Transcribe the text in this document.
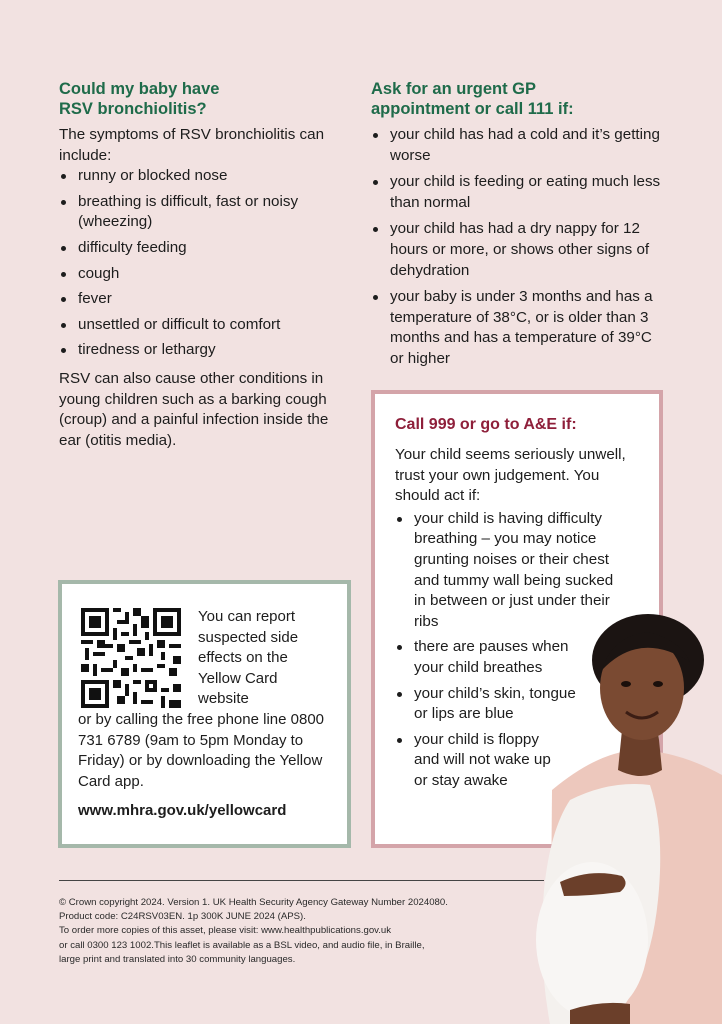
Could my baby have
RSV bronchiolitis?

The symptoms of RSV bronchiolitis can include:

runny or blocked nose
breathing is difficult, fast or noisy (wheezing)
difficulty feeding
cough
fever
unsettled or difficult to comfort
tiredness or lethargy

RSV can also cause other conditions in young children such as a barking cough (croup) and a painful infection inside the ear (otitis media).

Ask for an urgent GP
appointment or call 111 if:
your child has had a cold and it’s getting worse
your child is feeding or eating much less than normal
your child has had a dry nappy for 12 hours or more, or shows other signs of dehydration
your baby is under 3 months and has a temperature of 38°C, or is older than 3 months and has a temperature of 39°C or higher
Call 999 or go to A&E if:

Your child seems seriously unwell, trust your own judgement. You should act if:

your child is having difficulty breathing – you may notice grunting noises or their chest and tummy wall being sucked in between or just under their ribs
there are pauses when your child breathes
your child’s skin, tongue or lips are blue
your child is floppy and will not wake up or stay awake
You can report suspected side effects on the Yellow Card website
or by calling the free phone line 0800 731 6789 (9am to 5pm Monday to Friday) or by downloading the Yellow Card app.
www.mhra.gov.uk/yellowcard
© Crown copyright 2024. Version 1. UK Health Security Agency Gateway Number 2024080.
Product code: C24RSV03EN. 1p 300K JUNE 2024 (APS).
To order more copies of this asset, please visit: www.healthpublications.gov.uk
or call 0300 123 1002.This leaflet is available as a BSL video, and audio file, in Braille,
large print and translated into 30 community languages.
